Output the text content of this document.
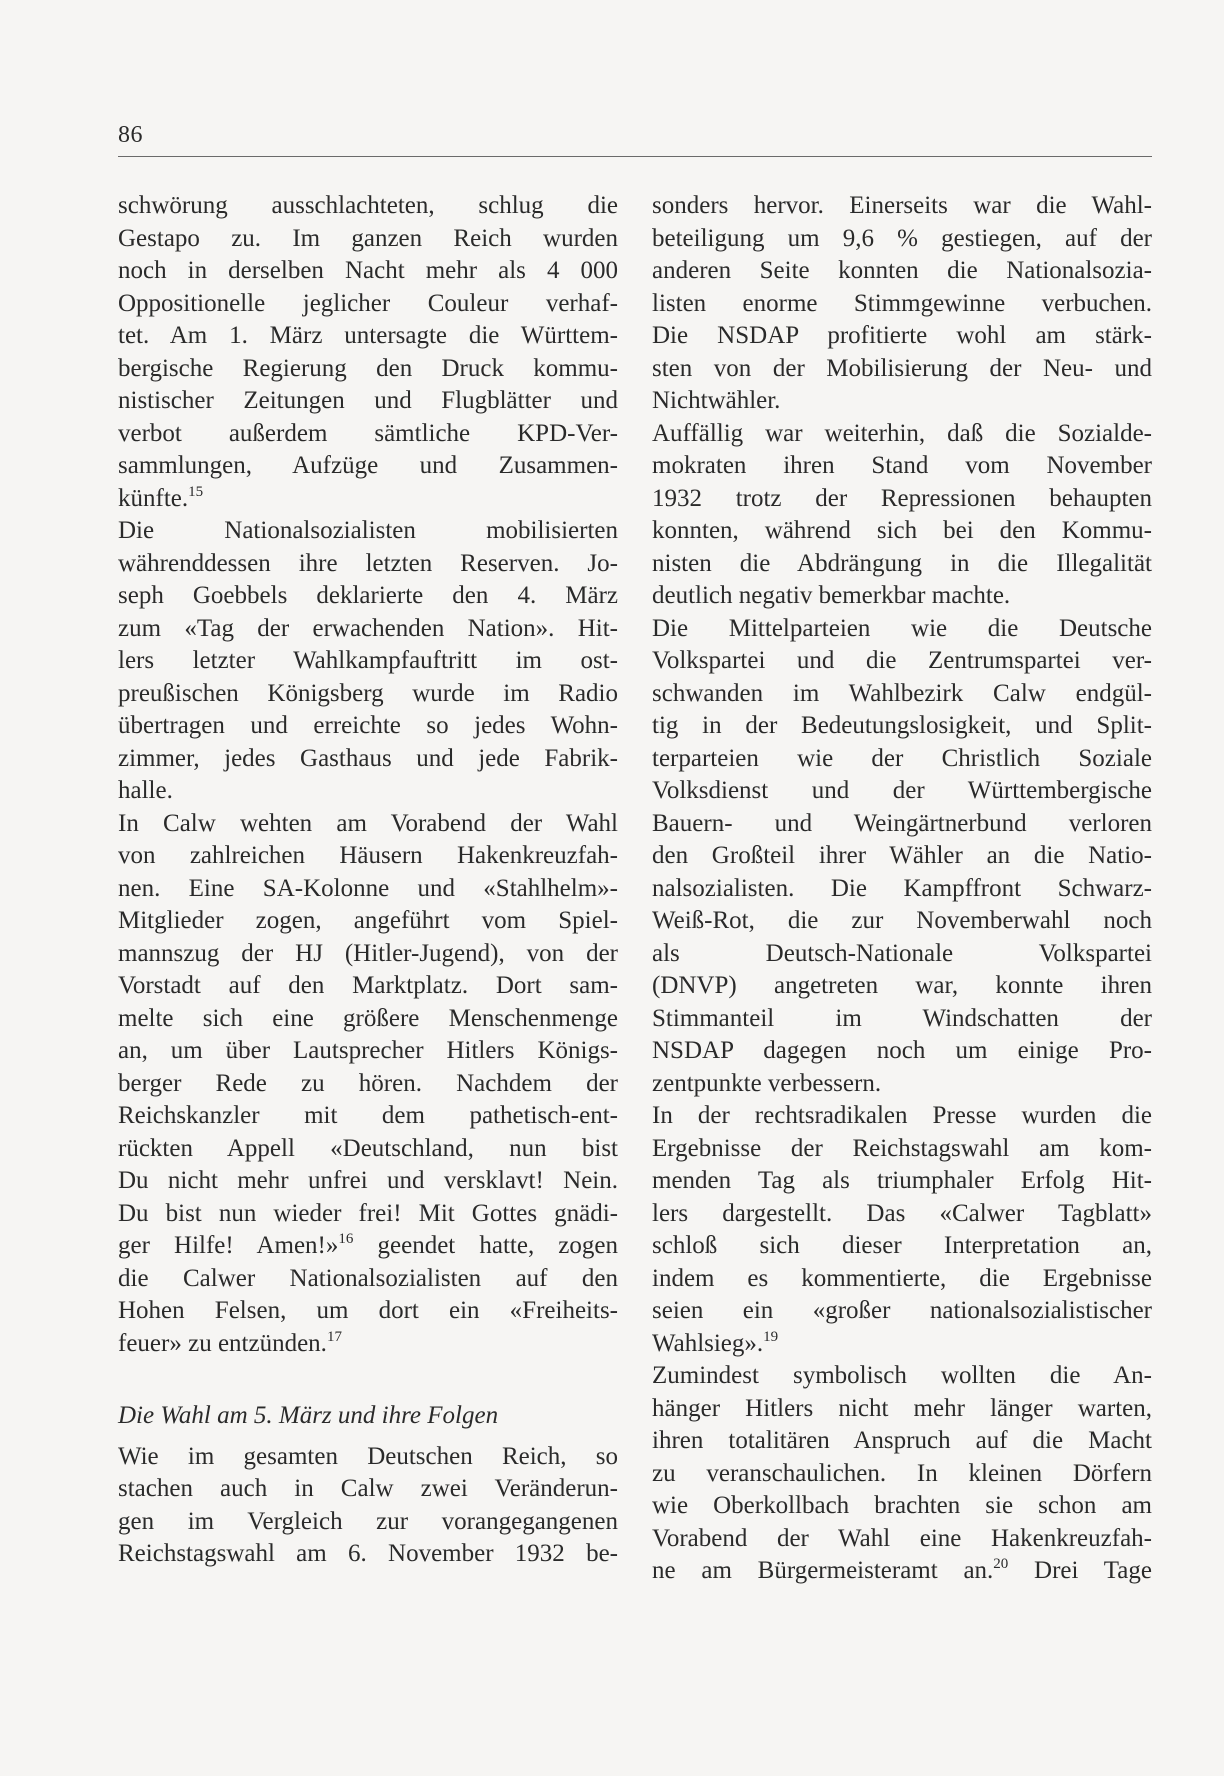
86
schwörung ausschlachteten, schlug die
Gestapo zu. Im ganzen Reich wurden
noch in derselben Nacht mehr als 4 000
Oppositionelle jeglicher Couleur verhaf-
tet. Am 1. März untersagte die Württem-
bergische Regierung den Druck kommu-
nistischer Zeitungen und Flugblätter und
verbot außerdem sämtliche KPD-Ver-
sammlungen, Aufzüge und Zusammen-
künfte.$^{15}$
Die Nationalsozialisten mobilisierten
währenddessen ihre letzten Reserven. Jo-
seph Goebbels deklarierte den 4. März
zum «Tag der erwachenden Nation». Hit-
lers letzter Wahlkampfauftritt im ost-
preußischen Königsberg wurde im Radio
übertragen und erreichte so jedes Wohn-
zimmer, jedes Gasthaus und jede Fabrik-
halle.
In Calw wehten am Vorabend der Wahl
von zahlreichen Häusern Hakenkreuzfah-
nen. Eine SA-Kolonne und «Stahlhelm»-
Mitglieder zogen, angeführt vom Spiel-
mannszug der HJ (Hitler-Jugend), von der
Vorstadt auf den Marktplatz. Dort sam-
melte sich eine größere Menschenmenge
an, um über Lautsprecher Hitlers Königs-
berger Rede zu hören. Nachdem der
Reichskanzler mit dem pathetisch-ent-
rückten Appell «Deutschland, nun bist
Du nicht mehr unfrei und versklavt! Nein.
Du bist nun wieder frei! Mit Gottes gnädi-
ger Hilfe! Amen!»$^{16}$ geendet hatte, zogen
die Calwer Nationalsozialisten auf den
Hohen Felsen, um dort ein «Freiheits-
feuer» zu entzünden.$^{17}$
Die Wahl am 5. März und ihre Folgen
Wie im gesamten Deutschen Reich, so
stachen auch in Calw zwei Veränderun-
gen im Vergleich zur vorangegangenen
Reichstagswahl am 6. November 1932 be-
sonders hervor. Einerseits war die Wahl-
beteiligung um 9,6 % gestiegen, auf der
anderen Seite konnten die Nationalsozia-
listen enorme Stimmgewinne verbuchen.
Die NSDAP profitierte wohl am stärk-
sten von der Mobilisierung der Neu- und
Nichtwähler.
Auffällig war weiterhin, daß die Sozialde-
mokraten ihren Stand vom November
1932 trotz der Repressionen behaupten
konnten, während sich bei den Kommu-
nisten die Abdrängung in die Illegalität
deutlich negativ bemerkbar machte.
Die Mittelparteien wie die Deutsche
Volkspartei und die Zentrumspartei ver-
schwanden im Wahlbezirk Calw endgül-
tig in der Bedeutungslosigkeit, und Split-
terparteien wie der Christlich Soziale
Volksdienst und der Württembergische
Bauern- und Weingärtnerbund verloren
den Großteil ihrer Wähler an die Natio-
nalsozialisten. Die Kampffront Schwarz-
Weiß-Rot, die zur Novemberwahl noch
als Deutsch-Nationale Volkspartei
(DNVP) angetreten war, konnte ihren
Stimmanteil im Windschatten der
NSDAP dagegen noch um einige Pro-
zentpunkte verbessern.
In der rechtsradikalen Presse wurden die
Ergebnisse der Reichstagswahl am kom-
menden Tag als triumphaler Erfolg Hit-
lers dargestellt. Das «Calwer Tagblatt»
schloß sich dieser Interpretation an,
indem es kommentierte, die Ergebnisse
seien ein «großer nationalsozialistischer
Wahlsieg».$^{19}$
Zumindest symbolisch wollten die An-
hänger Hitlers nicht mehr länger warten,
ihren totalitären Anspruch auf die Macht
zu veranschaulichen. In kleinen Dörfern
wie Oberkollbach brachten sie schon am
Vorabend der Wahl eine Hakenkreuzfah-
ne am Bürgermeisteramt an.$^{20}$ Drei Tage
